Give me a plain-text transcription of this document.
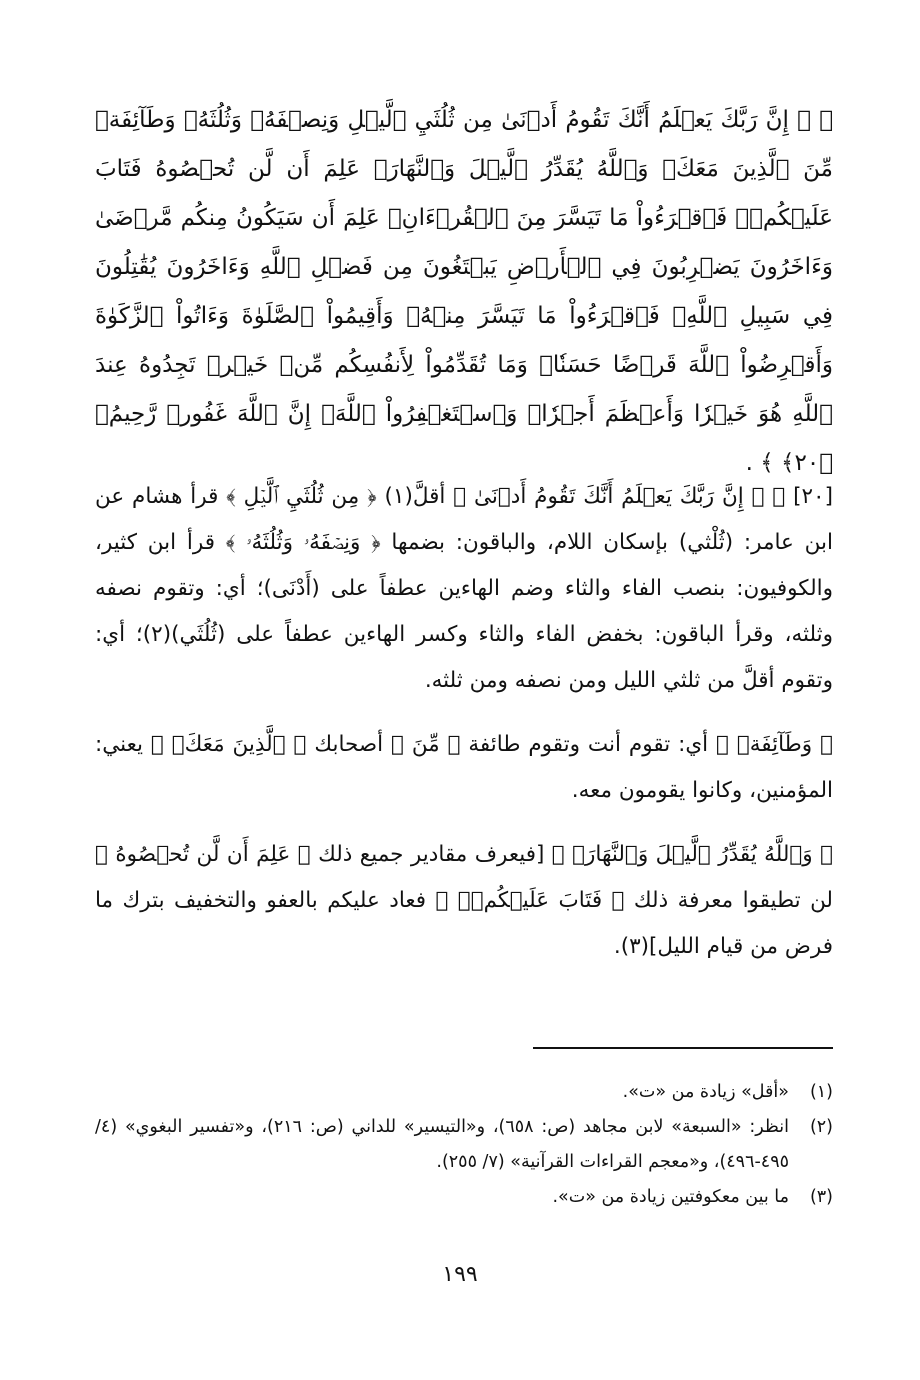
﴿ ۞ إِنَّ رَبَّكَ يَعۡلَمُ أَنَّكَ تَقُومُ أَدۡنَىٰ مِن ثُلُثَيِ ٱلَّيۡلِ وَنِصۡفَهُۥ وَثُلُثَهُۥ وَطَآئِفَةٞ مِّنَ ٱلَّذِينَ مَعَكَۚ وَٱللَّهُ يُقَدِّرُ ٱلَّيۡلَ وَٱلنَّهَارَۚ عَلِمَ أَن لَّن تُحۡصُوهُ فَتَابَ عَلَيۡكُمۡۖ فَٱقۡرَءُواْ مَا تَيَسَّرَ مِنَ ٱلۡقُرۡءَانِۚ عَلِمَ أَن سَيَكُونُ مِنكُم مَّرۡضَىٰ وَءَاخَرُونَ يَضۡرِبُونَ فِي ٱلۡأَرۡضِ يَبۡتَغُونَ مِن فَضۡلِ ٱللَّهِ وَءَاخَرُونَ يُقَٰتِلُونَ فِي سَبِيلِ ٱللَّهِۖ فَٱقۡرَءُواْ مَا تَيَسَّرَ مِنۡهُۚ وَأَقِيمُواْ ٱلصَّلَوٰةَ وَءَاتُواْ ٱلزَّكَوٰةَ وَأَقۡرِضُواْ ٱللَّهَ قَرۡضًا حَسَنٗاۚ وَمَا تُقَدِّمُواْ لِأَنفُسِكُم مِّنۡ خَيۡرٖ تَجِدُوهُ عِندَ ٱللَّهِ هُوَ خَيۡرٗا وَأَعۡظَمَ أَجۡرٗاۚ وَٱسۡتَغۡفِرُواْ ٱللَّهَۖ إِنَّ ٱللَّهَ غَفُورٞ رَّحِيمُۢ ﴿٢٠﴾ ﴾ .

[٢٠] ﴿ ۞ إِنَّ رَبَّكَ يَعۡلَمُ أَنَّكَ تَقُومُ أَدۡنَىٰ ﴾ أقلَّ(١) ﴿ مِن ثُلُثَيِ ٱلَّيۡلِ ﴾ قرأ هشام عن ابن عامر: (ثُلْثي) بإسكان اللام، والباقون: بضمها ﴿ وَنِصۡفَهُۥ وَثُلُثَهُۥ ﴾ قرأ ابن كثير، والكوفيون: بنصب الفاء والثاء وضم الهاءين عطفاً على (أَدْنَى)؛ أي: وتقوم نصفه وثلثه، وقرأ الباقون: بخفض الفاء والثاء وكسر الهاءين عطفاً على (ثُلُثَي)(٢)؛ أي: وتقوم أقلَّ من ثلثي الليل ومن نصفه ومن ثلثه.

﴿ وَطَآئِفَةٞ ﴾ أي: تقوم أنت وتقوم طائفة ﴿ مِّنَ ﴾ أصحابك ﴿ ٱلَّذِينَ مَعَكَۚ ﴾ يعني: المؤمنين، وكانوا يقومون معه.

﴿ وَٱللَّهُ يُقَدِّرُ ٱلَّيۡلَ وَٱلنَّهَارَۚ ﴾ [فيعرف مقادير جميع ذلك ﴿ عَلِمَ أَن لَّن تُحۡصُوهُ ﴾ لن تطيقوا معرفة ذلك ﴿ فَتَابَ عَلَيۡكُمۡۖ ﴾ فعاد عليكم بالعفو والتخفيف بترك ما فرض من قيام الليل](٣).

(١)
«أقل» زيادة من «ت».
(٢)
انظر: «السبعة» لابن مجاهد (ص: ٦٥٨)، و«التيسير» للداني (ص: ٢١٦)، و«تفسير البغوي» (٤/ ٤٩٥-٤٩٦)، و«معجم القراءات القرآنية» (٧/ ٢٥٥).
(٣)
ما بين معكوفتين زيادة من «ت».
١٩٩
